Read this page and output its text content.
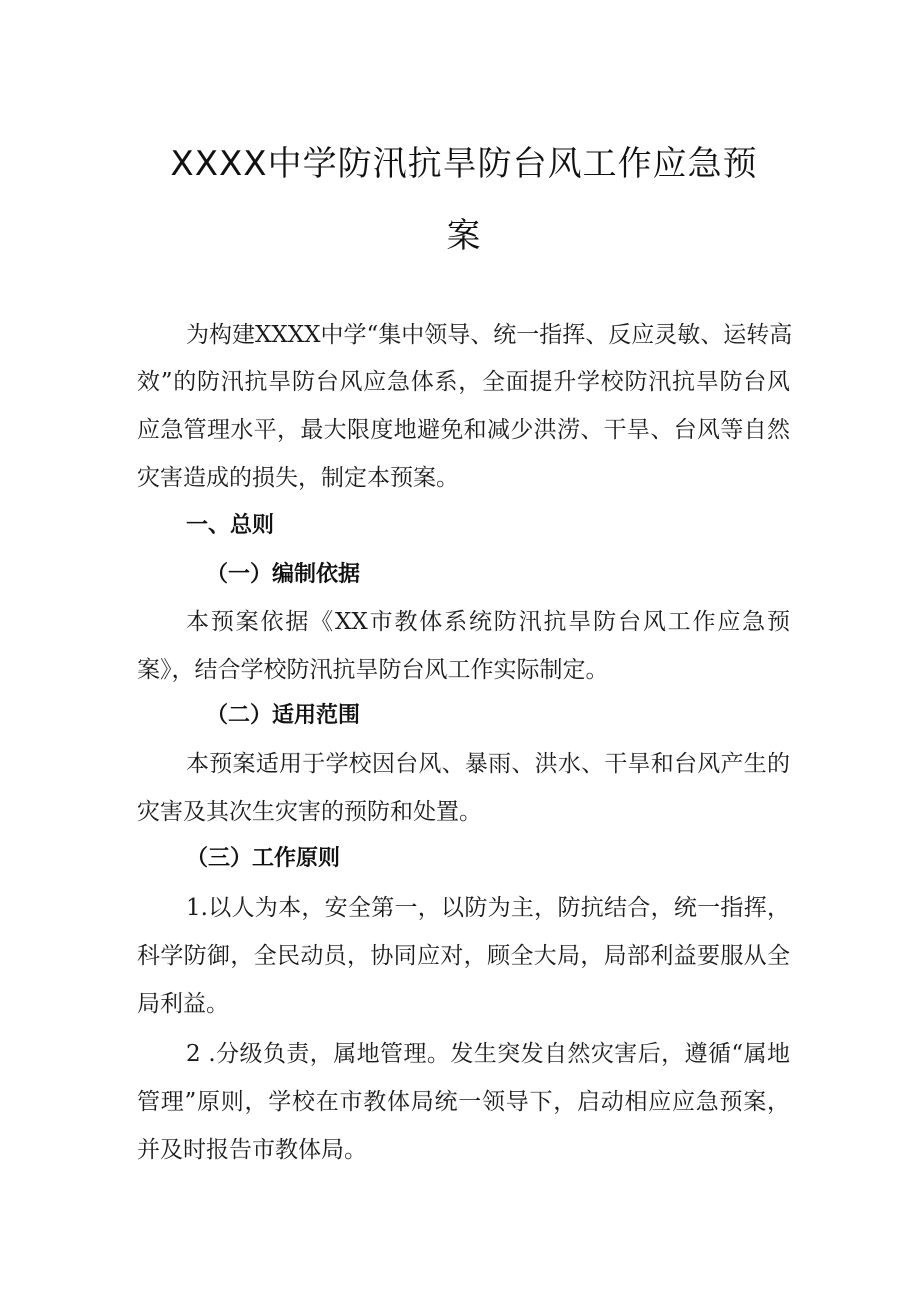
XXXX中学防汛抗旱防台风工作应急预
案
为构建XXXX中学“集中领导、统一指挥、反应灵敏、运转高
效”的防汛抗旱防台风应急体系，全面提升学校防汛抗旱防台风
应急管理水平，最大限度地避免和减少洪涝、干旱、台风等自然
灾害造成的损失，制定本预案。
一、总则
（一）编制依据
本预案依据《XX市教体系统防汛抗旱防台风工作应急预
案》，结合学校防汛抗旱防台风工作实际制定。
（二）适用范围
本预案适用于学校因台风、暴雨、洪水、干旱和台风产生的
灾害及其次生灾害的预防和处置。
（三）工作原则
1.以人为本，安全第一，以防为主，防抗结合，统一指挥，
科学防御，全民动员，协同应对，顾全大局，局部利益要服从全
局利益。
2 .分级负责，属地管理。发生突发自然灾害后，遵循“属地
管理”原则，学校在市教体局统一领导下，启动相应应急预案，
并及时报告市教体局。
